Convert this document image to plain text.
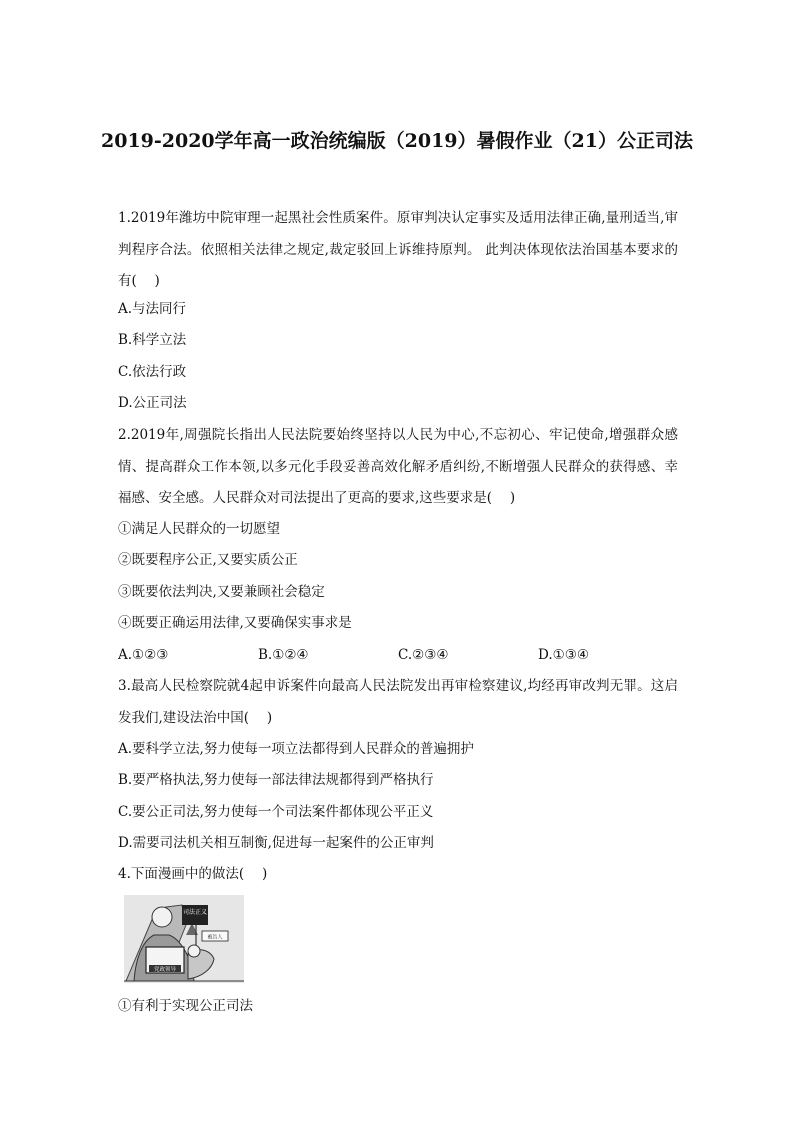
2019-2020学年高一政治统编版（2019）暑假作业（21）公正司法

1.2019年潍坊中院审理一起黑社会性质案件。原审判决认定事实及适用法律正确,量刑适当,审判程序合法。依照相关法律之规定,裁定驳回上诉维持原判。 此判决体现依法治国基本要求的有(　 )

A.与法同行

B.科学立法

C.依法行政

D.公正司法

2.2019年,周强院长指出人民法院要始终坚持以人民为中心,不忘初心、牢记使命,增强群众感情、提高群众工作本领,以多元化手段妥善高效化解矛盾纠纷,不断增强人民群众的获得感、幸福感、安全感。人民群众对司法提出了更高的要求,这些要求是(　 )

①满足人民群众的一切愿望

②既要程序公正,又要实质公正

③既要依法判决,又要兼顾社会稳定

④既要正确运用法律,又要确保实事求是

A.①②③	B.①②④	C.②③④	D.①③④

3.最高人民检察院就4起申诉案件向最高人民法院发出再审检察建议,均经再审改判无罪。这启发我们,建设法治中国(　 )

A.要科学立法,努力使每一项立法都得到人民群众的普遍拥护

B.要严格执法,努力使每一部法律法规都得到严格执行

C.要公正司法,努力使每一个司法案件都体现公平正义

D.需要司法机关相互制衡,促进每一起案件的公正审判

4.下面漫画中的做法(　 )

党政领导
司法正义
被告人

①有利于实现公正司法
